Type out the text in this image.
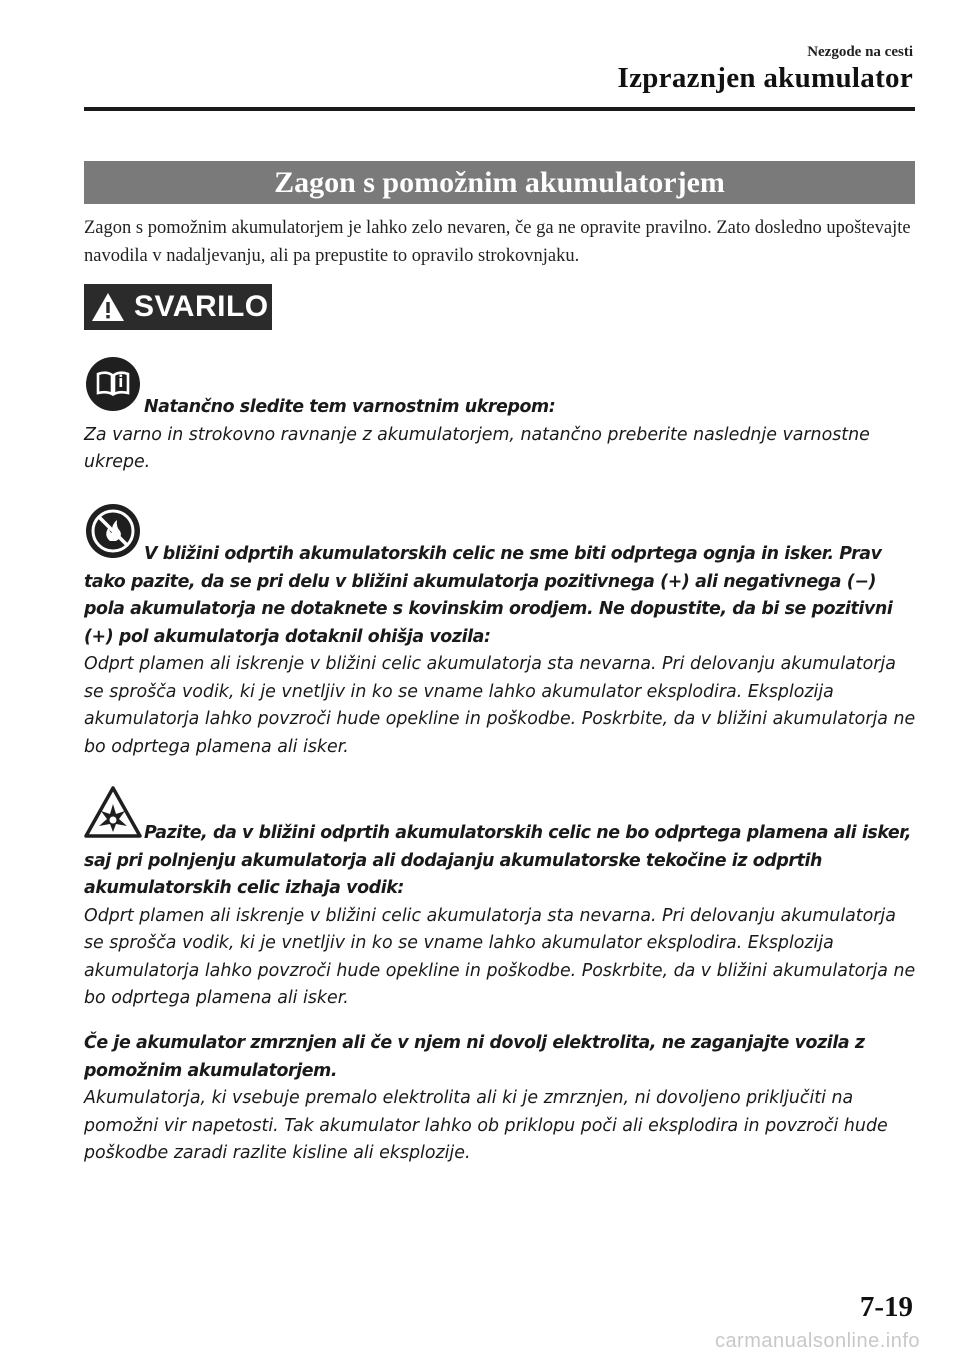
Nezgode na cesti
Izpraznjen akumulator
Zagon s pomožnim akumulatorjem
Zagon s pomožnim akumulatorjem je lahko zelo nevaren, če ga ne opravite pravilno. Zato dosledno upoštevajte navodila v nadaljevanju, ali pa prepustite to opravilo strokovnjaku.
SVARILO
Natančno sledite tem varnostnim ukrepom:
Za varno in strokovno ravnanje z akumulatorjem, natančno preberite naslednje varnostne ukrepe.
V bližini odprtih akumulatorskih celic ne sme biti odprtega ognja in isker. Prav tako pazite, da se pri delu v bližini akumulatorja pozitivnega (+) ali negativnega (−) pola akumulatorja ne dotaknete s kovinskim orodjem. Ne dopustite, da bi se pozitivni (+) pol akumulatorja dotaknil ohišja vozila:
Odprt plamen ali iskrenje v bližini celic akumulatorja sta nevarna. Pri delovanju akumulatorja se sprošča vodik, ki je vnetljiv in ko se vname lahko akumulator eksplodira. Eksplozija akumulatorja lahko povzroči hude opekline in poškodbe. Poskrbite, da v bližini akumulatorja ne bo odprtega plamena ali isker.
Pazite, da v bližini odprtih akumulatorskih celic ne bo odprtega plamena ali isker, saj pri polnjenju akumulatorja ali dodajanju akumulatorske tekočine iz odprtih akumulatorskih celic izhaja vodik:
Odprt plamen ali iskrenje v bližini celic akumulatorja sta nevarna. Pri delovanju akumulatorja se sprošča vodik, ki je vnetljiv in ko se vname lahko akumulator eksplodira. Eksplozija akumulatorja lahko povzroči hude opekline in poškodbe. Poskrbite, da v bližini akumulatorja ne bo odprtega plamena ali isker.
Če je akumulator zmrznjen ali če v njem ni dovolj elektrolita, ne zaganjajte vozila z pomožnim akumulatorjem.
Akumulatorja, ki vsebuje premalo elektrolita ali ki je zmrznjen, ni dovoljeno priključiti na pomožni vir napetosti. Tak akumulator lahko ob priklopu poči ali eksplodira in povzroči hude poškodbe zaradi razlite kisline ali eksplozije.
7-19
carmanualsonline.info
